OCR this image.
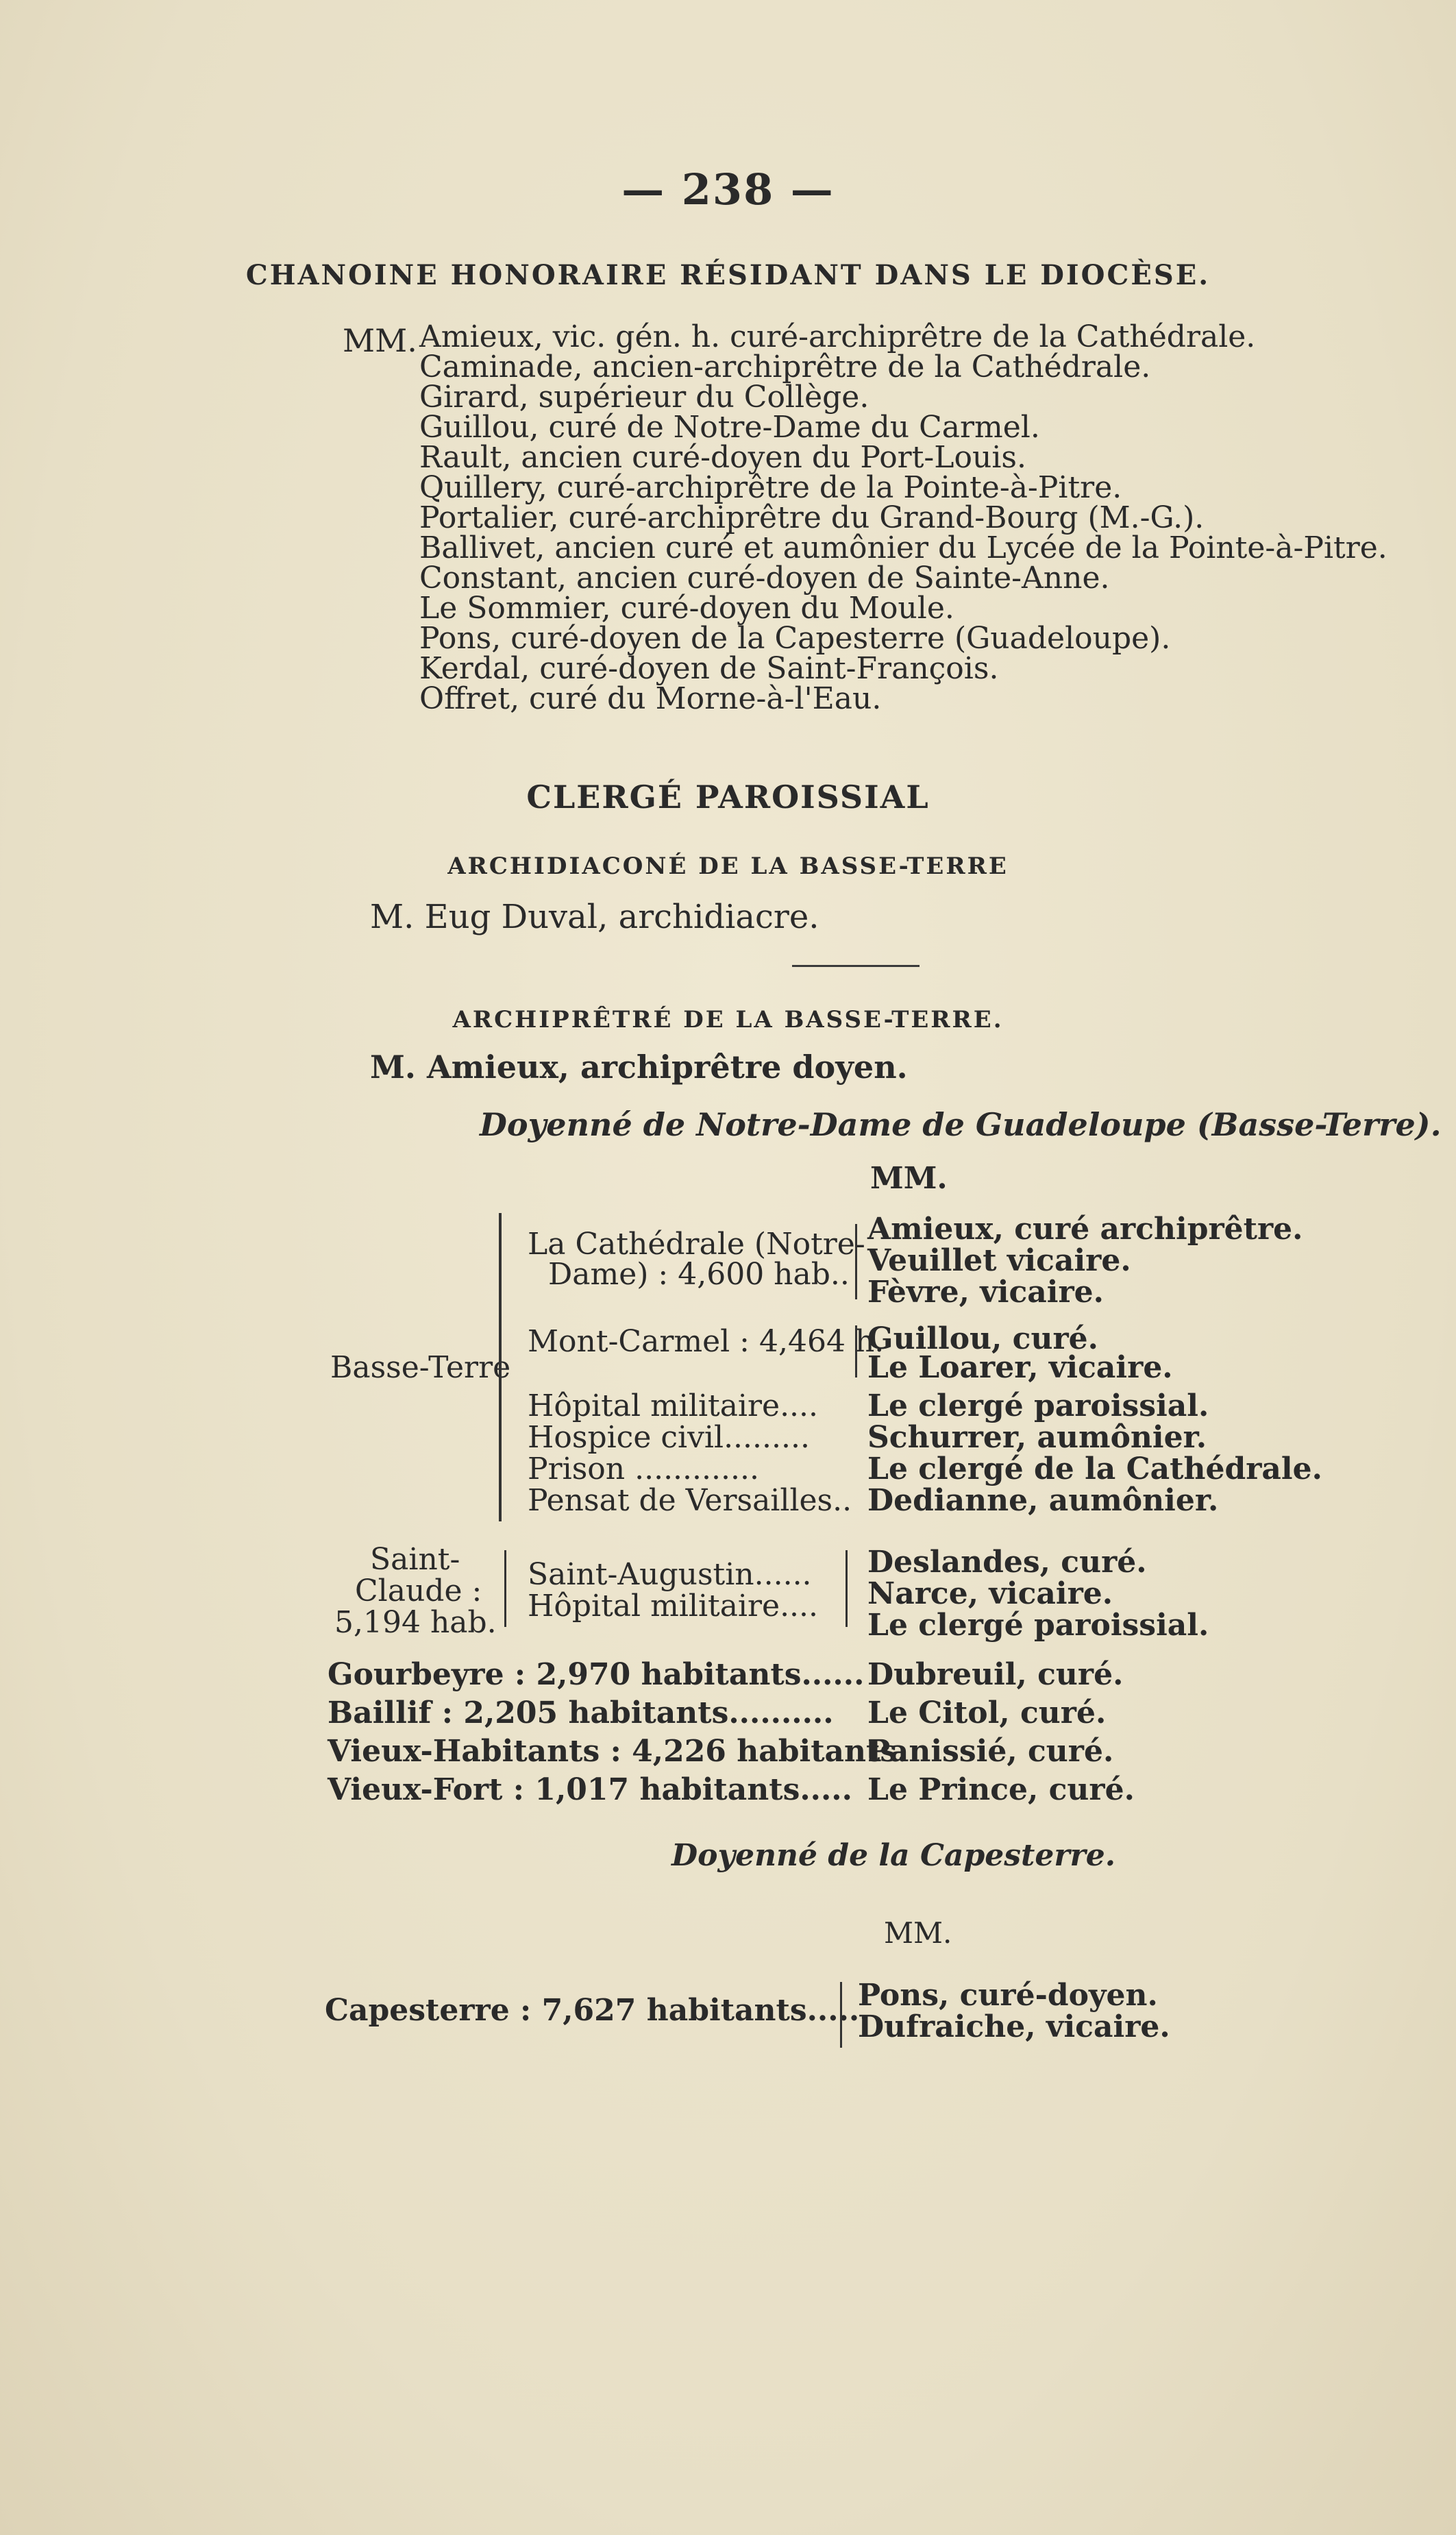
— 238 —
CHANOINE HONORAIRE RÉSIDANT DANS LE DIOCÈSE.
MM. Amieux, vic. gén. h. curé-archiprêtre de la Cathédrale.
Caminade, ancien-archiprêtre de la Cathédrale.
Girard, supérieur du Collège.
Guillou, curé de Notre-Dame du Carmel.
Rault, ancien curé-doyen du Port-Louis.
Quillery, curé-archiprêtre de la Pointe-à-Pitre.
Portalier, curé-archiprêtre du Grand-Bourg (M.-G.).
Ballivet, ancien curé et aumônier du Lycée de la Pointe-à-Pitre.
Constant, ancien curé-doyen de Sainte-Anne.
Le Sommier, curé-doyen du Moule.
Pons, curé-doyen de la Capesterre (Guadeloupe).
Kerdal, curé-doyen de Saint-François.
Offret, curé du Morne-à-l'Eau.
CLERGÉ PAROISSIAL
ARCHIDIACONÉ DE LA BASSE-TERRE
M. Eug Duval, archidiacre.
ARCHIPRÊTRÉ DE LA BASSE-TERRE.
M. Amieux, archiprêtre doyen.
Doyenné de Notre-Dame de Guadeloupe (Basse-Terre).
MM.
Basse-Terre
La Cathédrale (Notre-
Dame) : 4,600 hab..
Amieux, curé archiprêtre.
Veuillet vicaire.
Fèvre, vicaire.
Mont-Carmel : 4,464 h.
Guillou, curé.
Le Loarer, vicaire.
Hôpital militaire.... Le clergé paroissial.
Hospice civil......... Schurrer, aumônier.
Prison .............	Le clergé de la Cathédrale.
Pensat de Versailles.. Dedianne, aumônier.
Saint-
Claude :
5,194 hab.
Saint-Augustin......
Hôpital militaire....
Deslandes, curé.
Narce, vicaire.
Le clergé paroissial.
Gourbeyre : 2,970 habitants...... Dubreuil, curé.
Baillif : 2,205 habitants.......... Le Citol, curé.
Vieux-Habitants : 4,226 habitants.
Panissié, curé.
Vieux-Fort : 1,017 habitants..... Le Prince, curé.
Doyenné de la Capesterre.
MM.
Capesterre : 7,627 habitants......
Pons, curé-doyen.
Dufraiche, vicaire.
